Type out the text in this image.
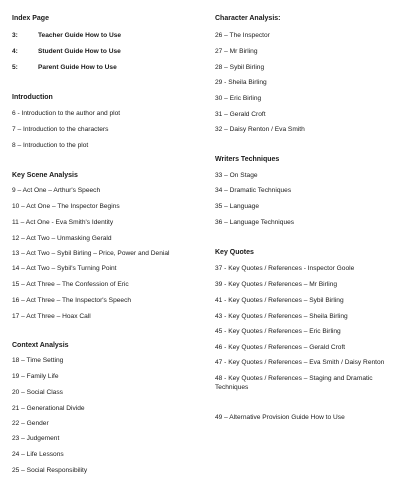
Index Page
3:	Teacher Guide How to Use
4:	Student Guide How to Use
5:	Parent Guide How to Use
Introduction
6 - Introduction to the author and plot
7 – Introduction to the characters
8 – Introduction to the plot
Key Scene Analysis
9 – Act One – Arthur's Speech
10 – Act One – The Inspector Begins
11 – Act One - Eva Smith's Identity
12 – Act Two – Unmasking Gerald
13 – Act Two – Sybil Birling – Price, Power and Denial
14 – Act Two – Sybil's Turning Point
15 – Act Three – The Confession of Eric
16 – Act Three – The Inspector's Speech
17 – Act Three – Hoax Call
Context Analysis
18 – Time Setting
19 – Family Life
20 – Social Class
21 – Generational Divide
22 – Gender
23 – Judgement
24 – Life Lessons
25 – Social Responsibility
Character Analysis:
26 – The Inspector
27 – Mr Birling
28 – Sybil Birling
29 - Sheila Birling
30 – Eric Birling
31 – Gerald Croft
32 – Daisy Renton / Eva Smith
Writers Techniques
33 – On Stage
34 – Dramatic Techniques
35 – Language
36 – Language Techniques
Key Quotes
37 - Key Quotes / References - Inspector Goole
39 - Key Quotes / References – Mr Birling
41 - Key Quotes / References – Sybil Birling
43 - Key Quotes / References – Sheila Birling
45 - Key Quotes / References – Eric Birling
46 - Key Quotes / References – Gerald Croft
47 - Key Quotes / References – Eva Smith / Daisy Renton
48 - Key Quotes / References – Staging and Dramatic
Techniques
49 – Alternative Provision Guide How to Use
